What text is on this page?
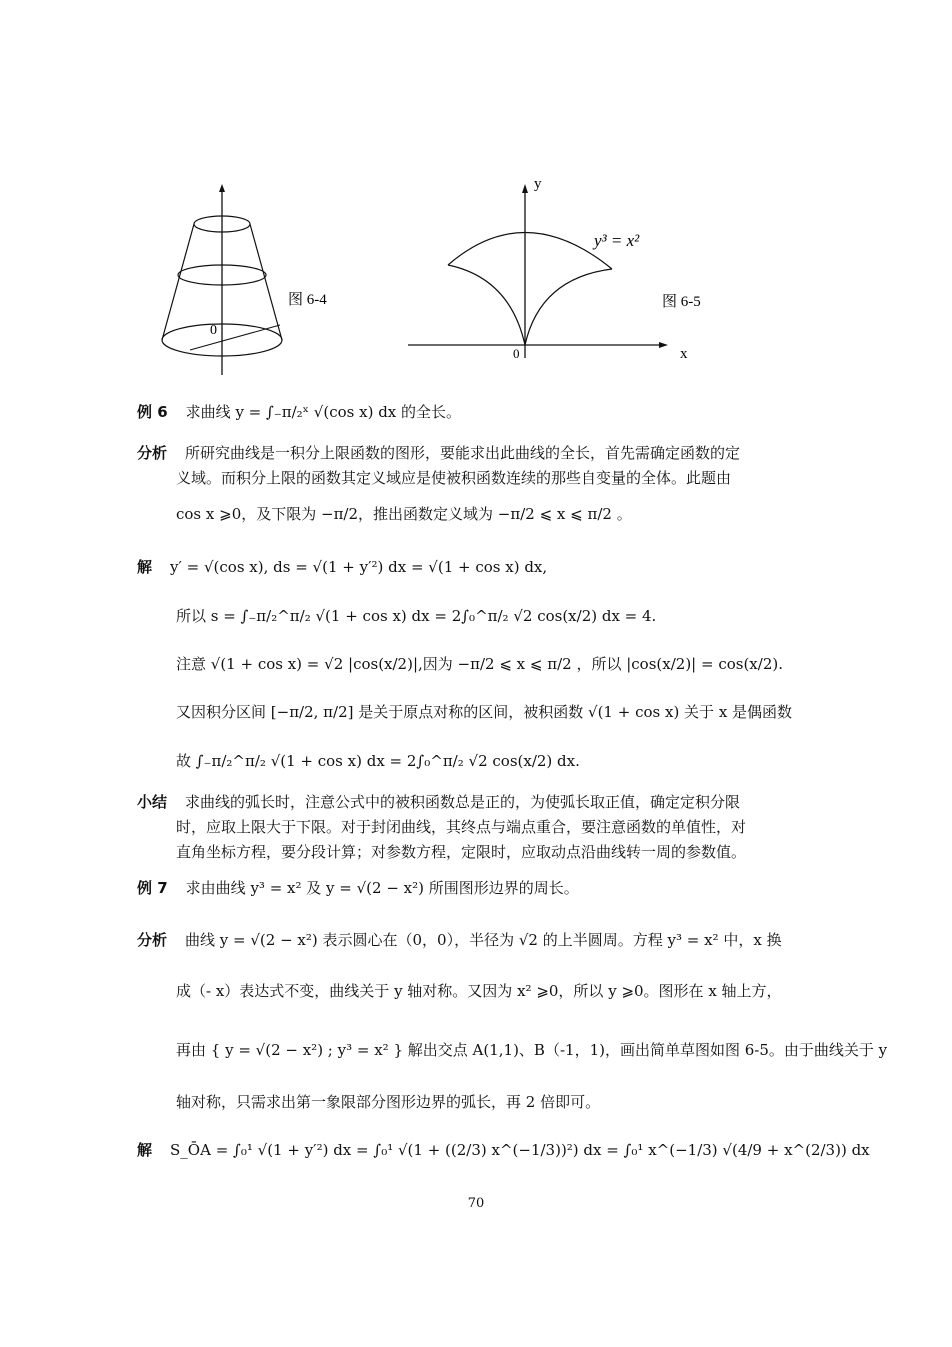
0
图 6-4
y
x
0
y³ = x²
图 6-5
例 6 求曲线 y = ∫₋π/₂ˣ √(cos x) dx 的全长。
分析 所研究曲线是一积分上限函数的图形，要能求出此曲线的全长，首先需确定函数的定
义域。而积分上限的函数其定义域应是使被积函数连续的那些自变量的全体。此题由
cos x ⩾0，及下限为 −π/2，推出函数定义域为 −π/2 ⩽ x ⩽ π/2 。
解 y′ = √(cos x), ds = √(1 + y′²) dx = √(1 + cos x) dx,
所以 s = ∫₋π/₂^π/₂ √(1 + cos x) dx = 2∫₀^π/₂ √2 cos(x/2) dx = 4.
注意 √(1 + cos x) = √2 |cos(x/2)|,因为 −π/2 ⩽ x ⩽ π/2 ，所以 |cos(x/2)| = cos(x/2).
又因积分区间 [−π/2, π/2] 是关于原点对称的区间，被积函数 √(1 + cos x) 关于 x 是偶函数
故 ∫₋π/₂^π/₂ √(1 + cos x) dx = 2∫₀^π/₂ √2 cos(x/2) dx.
小结 求曲线的弧长时，注意公式中的被积函数总是正的，为使弧长取正值，确定定积分限
时，应取上限大于下限。对于封闭曲线，其终点与端点重合，要注意函数的单值性，对
直角坐标方程，要分段计算；对参数方程，定限时，应取动点沿曲线转一周的参数值。
例 7 求由曲线 y³ = x² 及 y = √(2 − x²) 所围图形边界的周长。
分析 曲线 y = √(2 − x²) 表示圆心在（0，0），半径为 √2 的上半圆周。方程 y³ = x² 中，x 换
成（- x）表达式不变，曲线关于 y 轴对称。又因为 x² ⩾0，所以 y ⩾0。图形在 x 轴上方，
再由 { y = √(2 − x²) ; y³ = x² } 解出交点 A(1,1)、B（-1，1)，画出简单草图如图 6-5。由于曲线关于 y
轴对称，只需求出第一象限部分图形边界的弧长，再 2 倍即可。
解 S_ŌA = ∫₀¹ √(1 + y′²) dx = ∫₀¹ √(1 + ((2/3) x^(−1/3))²) dx = ∫₀¹ x^(−1/3) √(4/9 + x^(2/3)) dx
70
